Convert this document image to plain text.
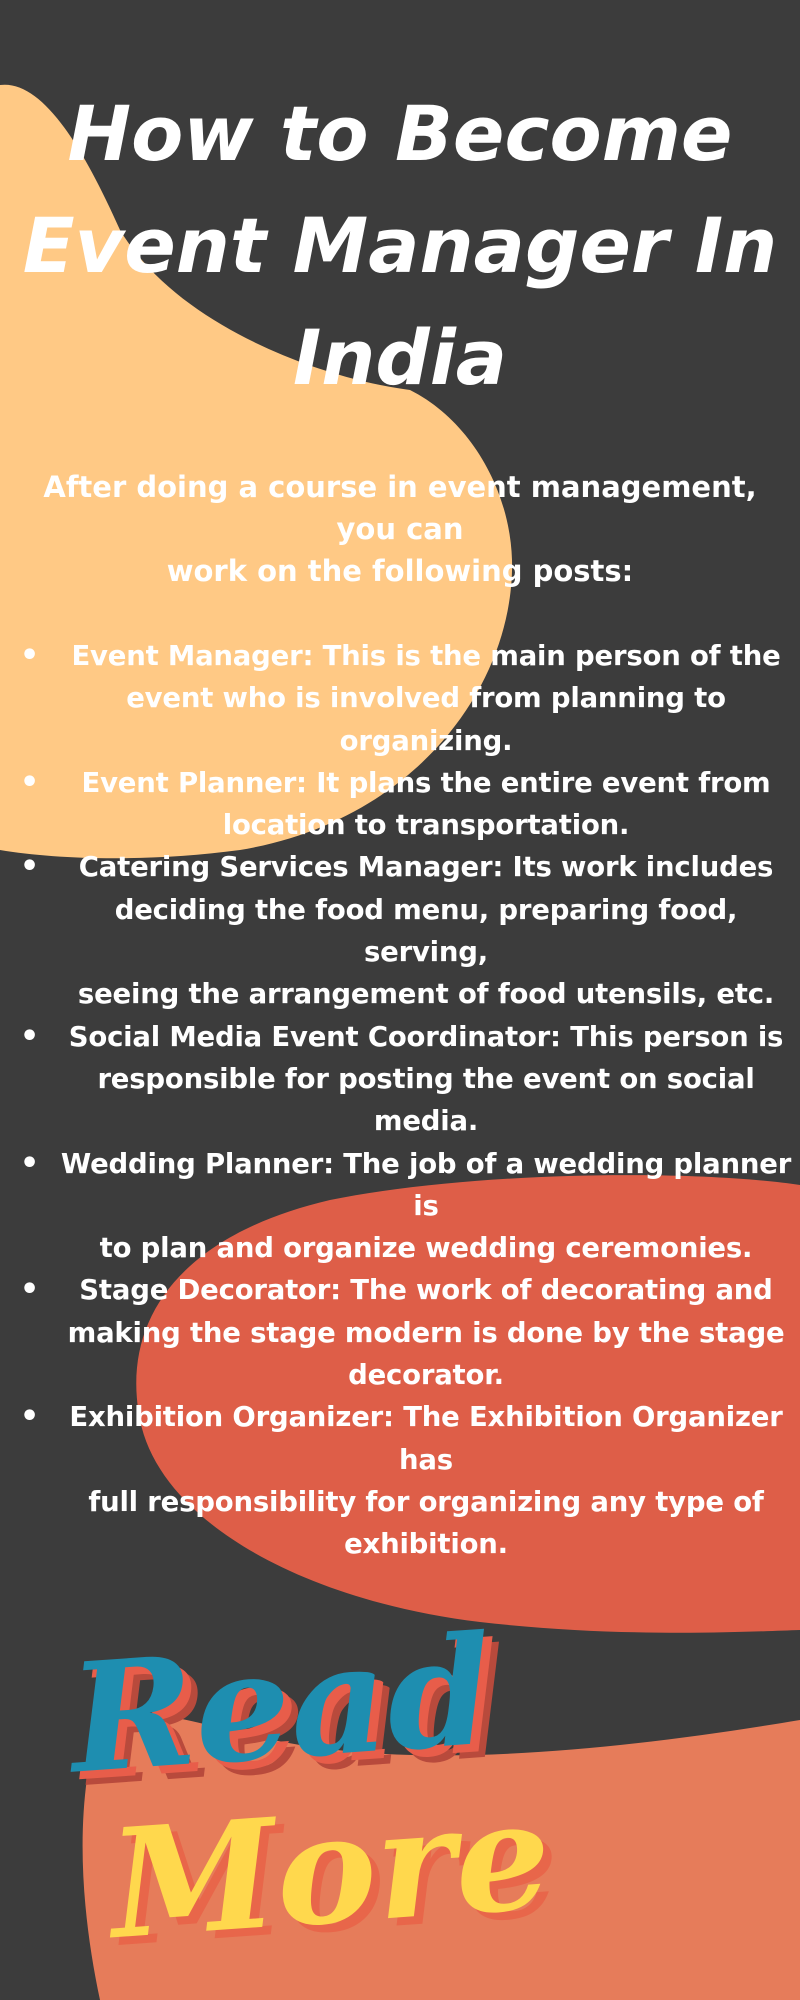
How to Become
Event Manager In
India
After doing a course in event management, you can
work on the following posts:
•	Event Manager: This is the main person of the
event who is involved from planning to
organizing.
•	Event Planner: It plans the entire event from
location to transportation.
•	Catering Services Manager: Its work includes
deciding the food menu, preparing food, serving,
seeing the arrangement of food utensils, etc.
•	Social Media Event Coordinator: This person is
responsible for posting the event on social media.
• Wedding Planner: The job of a wedding planner is
to plan and organize wedding ceremonies.
•	Stage Decorator: The work of decorating and
making the stage modern is done by the stage
decorator.
•	Exhibition Organizer: The Exhibition Organizer has
full responsibility for organizing any type of
exhibition.
Read
More
